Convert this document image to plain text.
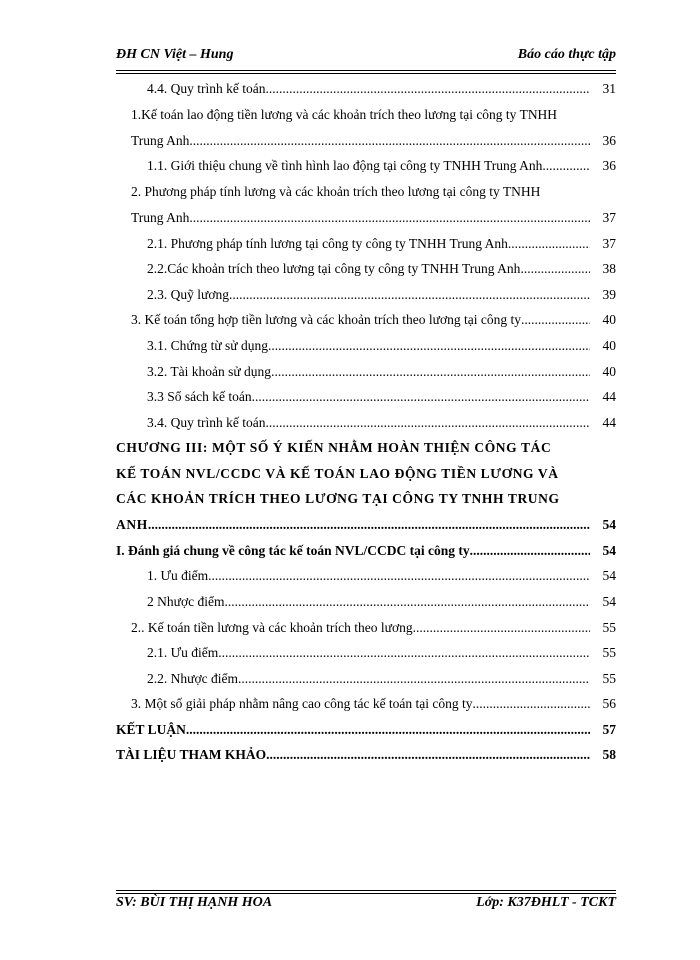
ĐH CN Việt – Hung	Báo cáo thực tập
4.4. Quy trình kế toán .....	31
1.Kế toán lao động tiền lương và các khoản trích theo lương tại công ty TNHH
Trung Anh .....	36
1.1. Giới thiệu chung về tình hình lao động tại công ty TNHH Trung Anh .....	36
2. Phương pháp tính lương và các khoản trích theo lương tại công ty TNHH
Trung Anh .....	37
2.1. Phương pháp tính lương tại công ty công ty TNHH Trung Anh .....	37
2.2.Các khoản trích theo lương tại công ty công ty TNHH Trung Anh .....	38
2.3. Quỹ lương .....	39
3. Kế toán tổng hợp tiền lương và các khoản trích theo lương tại công ty .....	40
3.1. Chứng từ sử dụng .....	40
3.2. Tài khoản sử dụng .....	40
3.3 Sổ sách kế toán .....	44
3.4. Quy trình kế toán .....	44
CHƯƠNG III: MỘT SỐ Ý KIẾN NHẰM HOÀN THIỆN CÔNG TÁC
KẾ TOÁN NVL/CCDC VÀ KẾ TOÁN LAO ĐỘNG TIỀN LƯƠNG VÀ
CÁC KHOẢN TRÍCH THEO LƯƠNG TẠI CÔNG TY TNHH TRUNG
ANH .....	54
I. Đánh giá chung về công tác kế toán NVL/CCDC tại công ty .....	54
1. Ưu điểm .....	54
2 Nhược điểm .....	54
2.. Kế toán tiền lương và các khoản trích theo lương .....	55
2.1. Ưu điểm .....	55
2.2. Nhược điểm .....	55
3. Một số giải pháp nhằm nâng cao công tác kế toán tại công ty .....	56
KẾT LUẬN .....	57
TÀI LIỆU THAM KHẢO .....	58
SV: BÙI THỊ HẠNH HOA	Lớp: K37ĐHLT - TCKT
